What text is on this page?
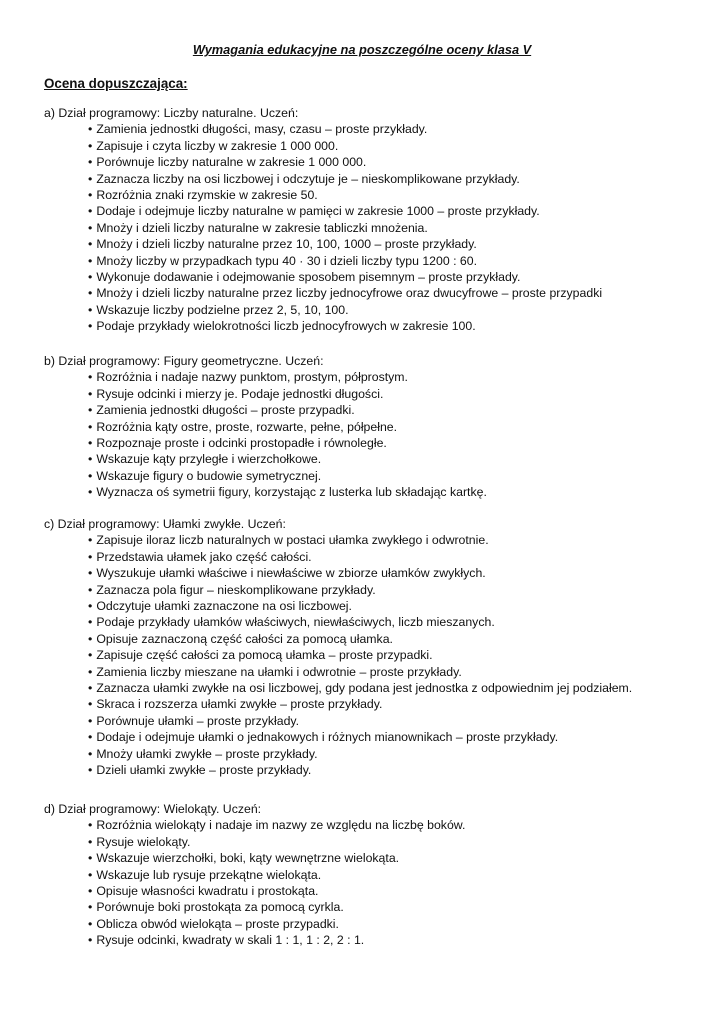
Wymagania edukacyjne na poszczególne oceny klasa V
Ocena dopuszczająca:

a) Dział programowy: Liczby naturalne. Uczeń:

• Zamienia jednostki długości, masy, czasu – proste przykłady.
• Zapisuje i czyta liczby w zakresie 1 000 000.
• Porównuje liczby naturalne w zakresie 1 000 000.
• Zaznacza liczby na osi liczbowej i odczytuje je – nieskomplikowane przykłady.
• Rozróżnia znaki rzymskie w zakresie 50.
• Dodaje i odejmuje liczby naturalne w pamięci w zakresie 1000 – proste przykłady.
• Mnoży i dzieli liczby naturalne w zakresie tabliczki mnożenia.
• Mnoży i dzieli liczby naturalne przez 10, 100, 1000 – proste przykłady.
• Mnoży liczby w przypadkach typu 40 · 30 i dzieli liczby typu 1200 : 60.
• Wykonuje dodawanie i odejmowanie sposobem pisemnym – proste przykłady.
• Mnoży i dzieli liczby naturalne przez liczby jednocyfrowe oraz dwucyfrowe – proste przypadki
• Wskazuje liczby podzielne przez 2, 5, 10, 100.
• Podaje przykłady wielokrotności liczb jednocyfrowych w zakresie 100.

b) Dział programowy: Figury geometryczne. Uczeń:

• Rozróżnia i nadaje nazwy punktom, prostym, półprostym.
• Rysuje odcinki i mierzy je. Podaje jednostki długości.
• Zamienia jednostki długości – proste przypadki.
• Rozróżnia kąty ostre, proste, rozwarte, pełne, półpełne.
• Rozpoznaje proste i odcinki prostopadłe i równoległe.
• Wskazuje kąty przyległe i wierzchołkowe.
• Wskazuje figury o budowie symetrycznej.
• Wyznacza oś symetrii figury, korzystając z lusterka lub składając kartkę.

c) Dział programowy: Ułamki zwykłe. Uczeń:

• Zapisuje iloraz liczb naturalnych w postaci ułamka zwykłego i odwrotnie.
• Przedstawia ułamek jako część całości.
• Wyszukuje ułamki właściwe i niewłaściwe w zbiorze ułamków zwykłych.
• Zaznacza pola figur – nieskomplikowane przykłady.
• Odczytuje ułamki zaznaczone na osi liczbowej.
• Podaje przykłady ułamków właściwych, niewłaściwych, liczb mieszanych.
• Opisuje zaznaczoną część całości za pomocą ułamka.
• Zapisuje część całości za pomocą ułamka – proste przypadki.
• Zamienia liczby mieszane na ułamki i odwrotnie – proste przykłady.
• Zaznacza ułamki zwykłe na osi liczbowej, gdy podana jest jednostka z odpowiednim jej podziałem.
• Skraca i rozszerza ułamki zwykłe – proste przykłady.
• Porównuje ułamki – proste przykłady.
• Dodaje i odejmuje ułamki o jednakowych i różnych mianownikach – proste przykłady.
• Mnoży ułamki zwykłe – proste przykłady.
• Dzieli ułamki zwykłe – proste przykłady.

d) Dział programowy: Wielokąty. Uczeń:

• Rozróżnia wielokąty i nadaje im nazwy ze względu na liczbę boków.
• Rysuje wielokąty.
• Wskazuje wierzchołki, boki, kąty wewnętrzne wielokąta.
• Wskazuje lub rysuje przekątne wielokąta.
• Opisuje własności kwadratu i prostokąta.
• Porównuje boki prostokąta za pomocą cyrkla.
• Oblicza obwód wielokąta – proste przypadki.
• Rysuje odcinki, kwadraty w skali 1 : 1, 1 : 2, 2 : 1.
